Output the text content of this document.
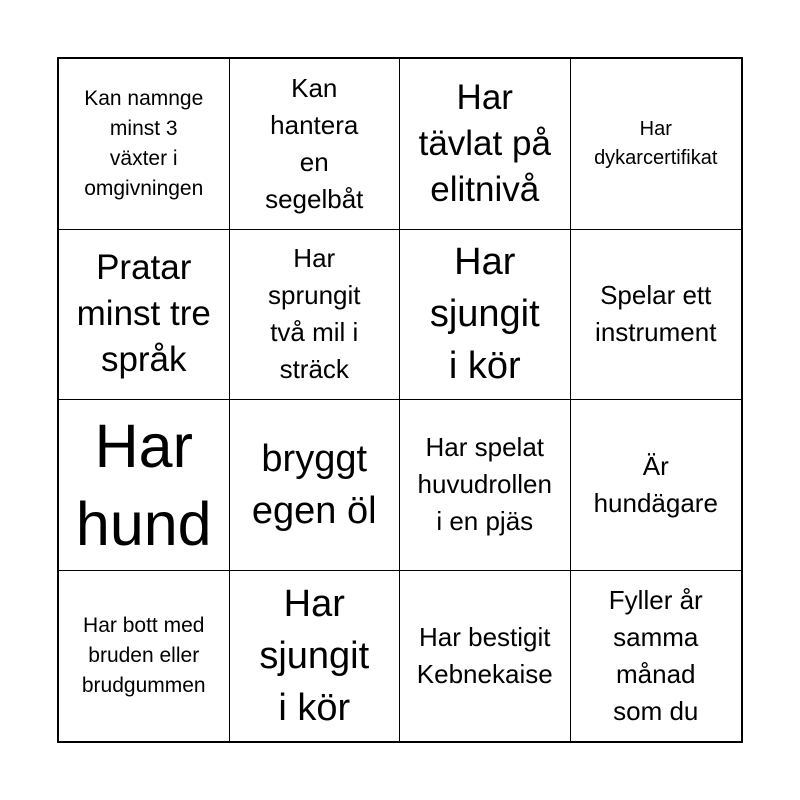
Kan namnge
minst 3
växter i
omgivningen
Kan
hantera
en
segelbåt
Har
tävlat på
elitnivå
Har
dykarcertifikat
Pratar
minst tre
språk
Har
sprungit
två mil i
sträck
Har
sjungit
i kör
Spelar ett
instrument
Har
hund
bryggt
egen öl
Har spelat
huvudrollen
i en pjäs
Är
hundägare
Har bott med
bruden eller
brudgummen
Har
sjungit
i kör
Har bestigit
Kebnekaise
Fyller år
samma
månad
som du
